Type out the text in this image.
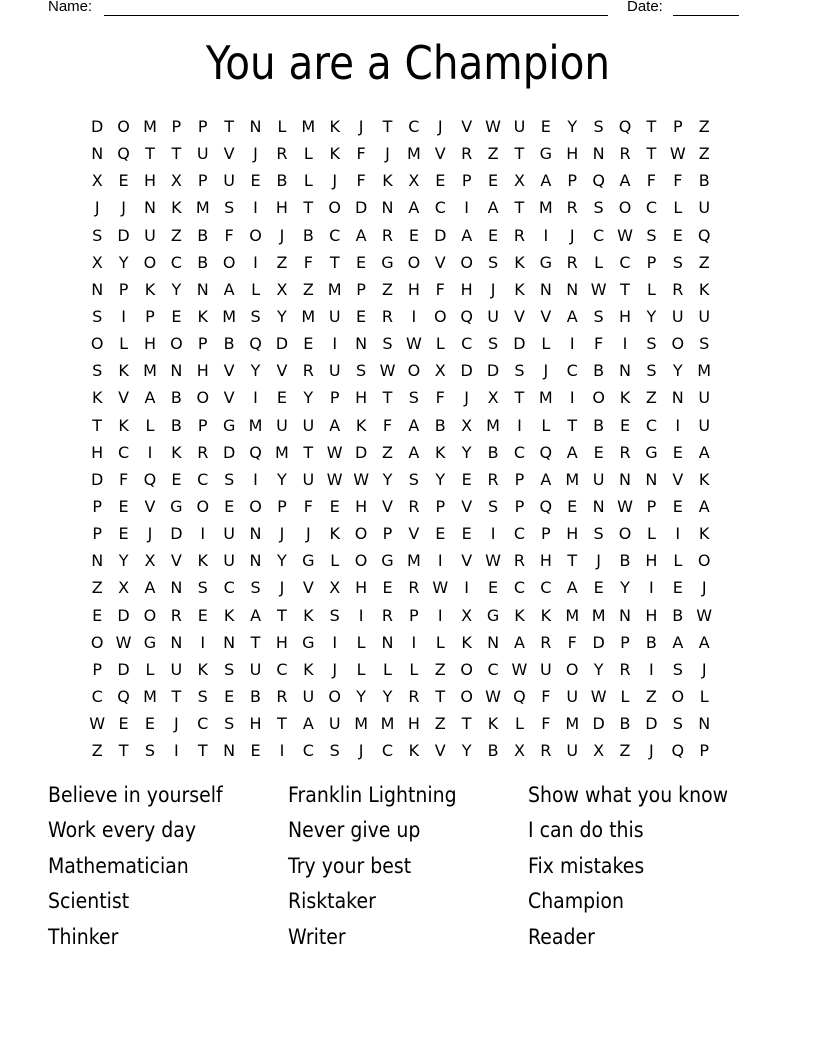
Name:	Date:
You are a Champion
D O M P	P	T N L M K	J	T C	J	V W U E	Y	S Q T	P	Z
N Q T	T U V	J	R	L	K	F	J	M V R Z	T G H N R T W Z
X E H X	P U E B	L	J	F	K X E	P	E X A	P Q A	F	F	B
J	J	N K M S	I	H T O D N A C	I	A	T M R S O C	L	U
S D U Z B	F O	J	B C A R E D A E R	I	J	C W S	E Q
X	Y O C B O	I	Z	F	T	E G O V O S	K G R	L	C P	S Z
N P	K	Y N A	L	X Z M P	Z H F H	J	K N N W T	L	R K
S	I	P	E	K M S	Y M U E R	I	O Q U V V A S H Y U U
O L H O P	B Q D E	I	N S W L	C S D L	I	F	I	S O S
S	K M N H V	Y	V R U S W O X D D S	J	C B N S	Y M
K V A B O V	I	E	Y	P H T	S	F	J	X	T M	I	O K Z N U
T	K	L	B	P G M U U A K	F	A B X M	I	L	T	B E C	I	U
H C	I	K R D Q M T W D Z A K	Y	B C Q A E R G E A
D F Q E C S	I	Y U W W Y	S	Y	E R	P	A M U N N V K
P	E V G O E O P	F	E H V R	P	V S	P Q E N W P	E A
P	E	J	D	I	U N	J	J	K O P	V E	E	I	C P H S O L	I	K
N Y	X V K U N Y G L O G M	I	V W R H T	J	B H L O
Z X A N S C S	J	V X H E R W	I	E C C A E	Y	I	E	J
E D O R E	K A	T	K	S	I	R	P	I	X G K K M M N H B W
O W G N	I	N T H G	I	L N	I	L	K N A R	F D P	B A A
P D L	U K	S U C K	J	L	L	L	Z O C W U O Y R	I	S	J
C Q M T	S	E B R U O Y	Y R T O W Q F U W L	Z O L
W E	E	J	C S H T	A U M M H Z	T	K	L	F M D B D S N
Z	T	S	I	T N E	I	C S	J	C K V	Y	B X R U X Z	J	Q P
Believe in yourself	Franklin Lightning	Show what you know
Work every day	Never give up	I can do this
Mathematician	Try your best	Fix mistakes
Scientist	Risktaker	Champion
Thinker	Writer	Reader
